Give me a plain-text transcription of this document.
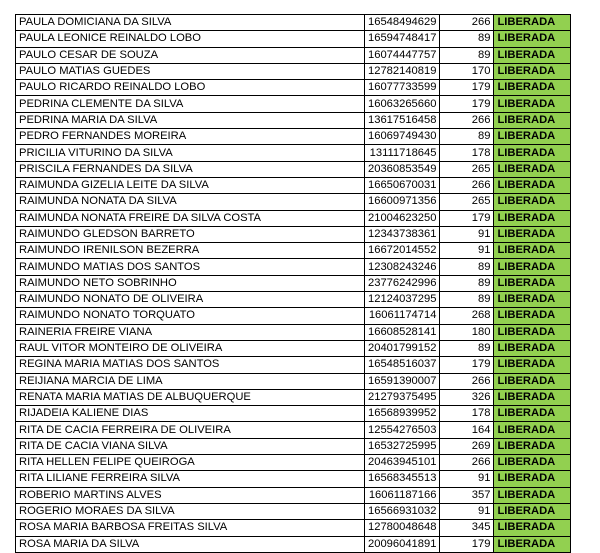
PAULA DOMICIANA DA SILVA	16548494629	266	LIBERADA
PAULA LEONICE REINALDO LOBO	16594748417	89	LIBERADA
PAULO CESAR DE SOUZA	16074447757	89	LIBERADA
PAULO MATIAS GUEDES	12782140819	170	LIBERADA
PAULO RICARDO REINALDO LOBO	16077733599	179	LIBERADA
PEDRINA CLEMENTE DA SILVA	16063265660	179	LIBERADA
PEDRINA MARIA DA SILVA	13617516458	266	LIBERADA
PEDRO FERNANDES MOREIRA	16069749430	89	LIBERADA
PRICILIA VITURINO DA SILVA	13111718645	178	LIBERADA
PRISCILA FERNANDES DA SILVA	20360853549	265	LIBERADA
RAIMUNDA GIZELIA LEITE DA SILVA	16650670031	266	LIBERADA
RAIMUNDA NONATA DA SILVA	16600971356	265	LIBERADA
RAIMUNDA NONATA FREIRE DA SILVA COSTA	21004623250	179	LIBERADA
RAIMUNDO GLEDSON BARRETO	12343738361	91	LIBERADA
RAIMUNDO IRENILSON BEZERRA	16672014552	91	LIBERADA
RAIMUNDO MATIAS DOS SANTOS	12308243246	89	LIBERADA
RAIMUNDO NETO SOBRINHO	23776242996	89	LIBERADA
RAIMUNDO NONATO DE OLIVEIRA	12124037295	89	LIBERADA
RAIMUNDO NONATO TORQUATO	16061174714	268	LIBERADA
RAINERIA FREIRE VIANA	16608528141	180	LIBERADA
RAUL VITOR MONTEIRO DE OLIVEIRA	20401799152	89	LIBERADA
REGINA MARIA MATIAS DOS SANTOS	16548516037	179	LIBERADA
REIJIANA MARCIA DE LIMA	16591390007	266	LIBERADA
RENATA MARIA MATIAS DE ALBUQUERQUE	21279375495	326	LIBERADA
RIJADEIA KALIENE DIAS	16568939952	178	LIBERADA
RITA DE CACIA FERREIRA DE OLIVEIRA	12554276503	164	LIBERADA
RITA DE CACIA VIANA SILVA	16532725995	269	LIBERADA
RITA HELLEN FELIPE QUEIROGA	20463945101	266	LIBERADA
RITA LILIANE FERREIRA SILVA	16568345513	91	LIBERADA
ROBERIO MARTINS ALVES	16061187166	357	LIBERADA
ROGERIO MORAES DA SILVA	16566931032	91	LIBERADA
ROSA MARIA BARBOSA FREITAS SILVA	12780048648	345	LIBERADA
ROSA MARIA DA SILVA	20096041891	179	LIBERADA
